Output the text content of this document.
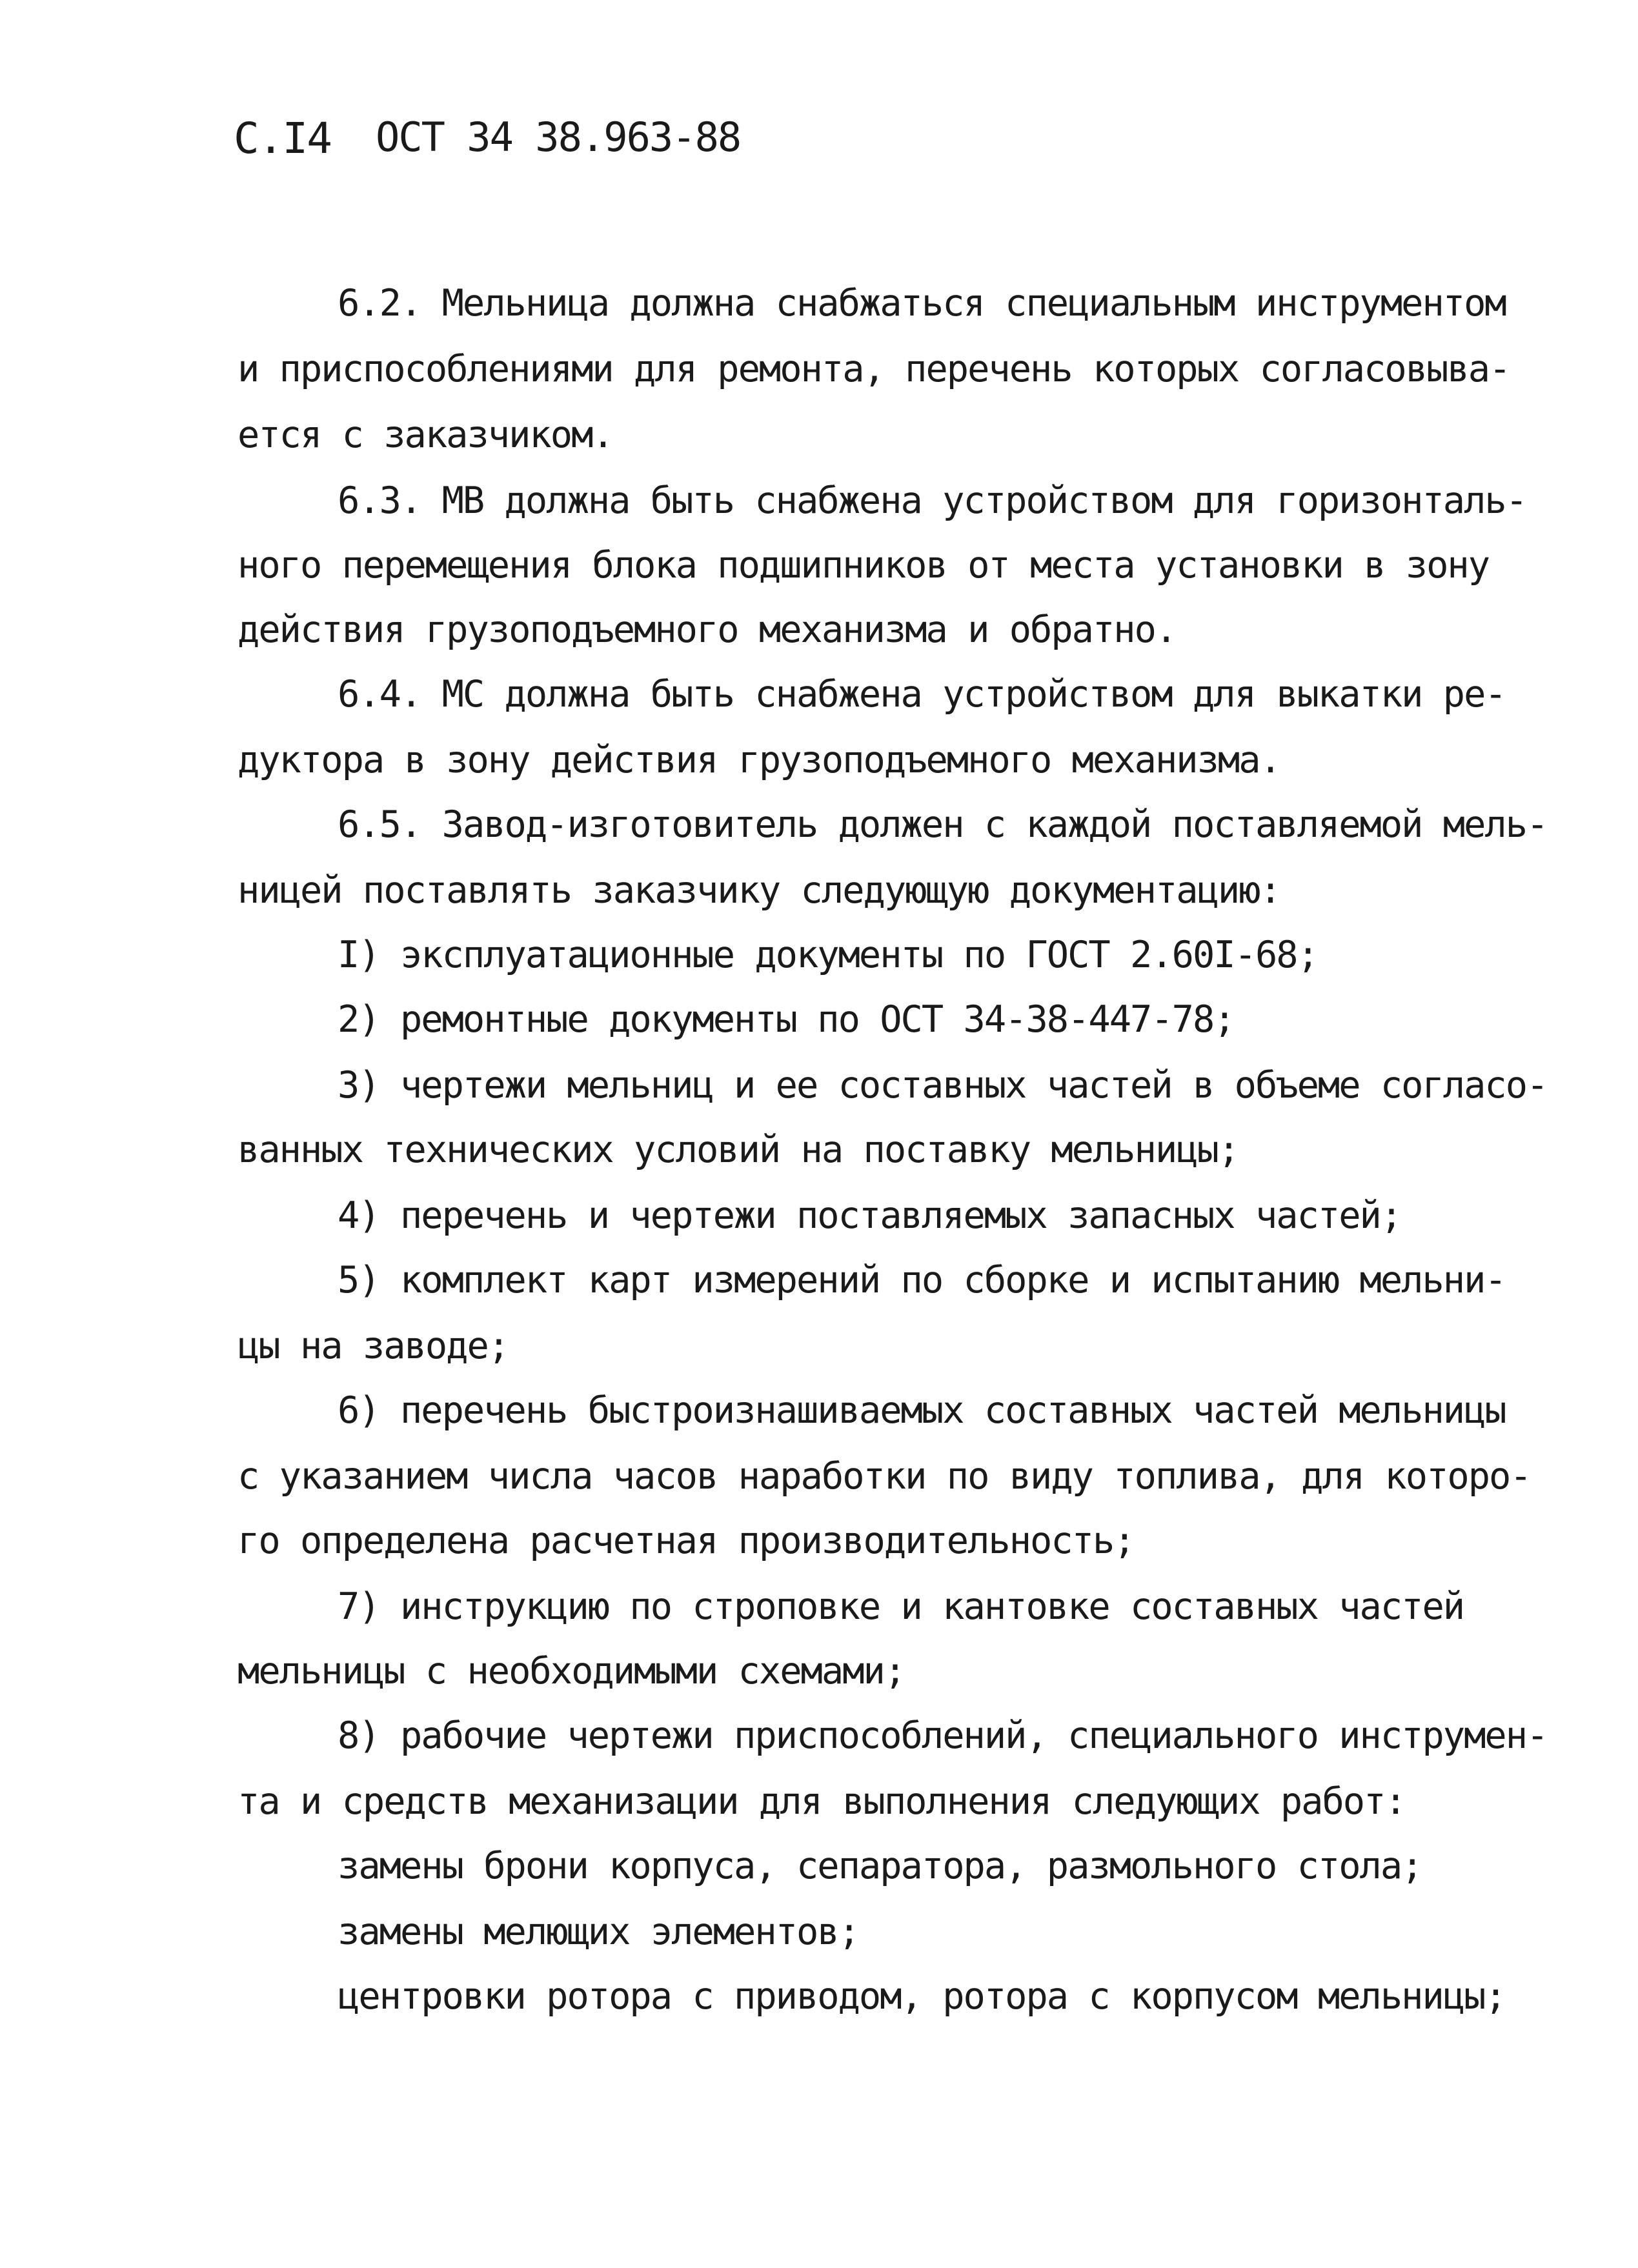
С.I4 ОСТ 34 38.963-88
6.2. Мельница должна снабжаться специальным инструментом
и приспособлениями для ремонта, перечень которых согласовыва-
ется с заказчиком.
6.3. МВ должна быть снабжена устройством для горизонталь-
ного перемещения блока подшипников от места установки в зону
действия грузоподъемного механизма и обратно.
6.4. МС должна быть снабжена устройством для выкатки ре-
дуктора в зону действия грузоподъемного механизма.
6.5. Завод-изготовитель должен с каждой поставляемой мель-
ницей поставлять заказчику следующую документацию:
I) эксплуатационные документы по ГОСТ 2.60I-68;
2) ремонтные документы по ОСТ 34-38-447-78;
3) чертежи мельниц и ее составных частей в объеме согласо-
ванных технических условий на поставку мельницы;
4) перечень и чертежи поставляемых запасных частей;
5) комплект карт измерений по сборке и испытанию мельни-
цы на заводе;
6) перечень быстроизнашиваемых составных частей мельницы
с указанием числа часов наработки по виду топлива, для которо-
го определена расчетная производительность;
7) инструкцию по строповке и кантовке составных частей
мельницы с необходимыми схемами;
8) рабочие чертежи приспособлений, специального инструмен-
та и средств механизации для выполнения следующих работ:
замены брони корпуса, сепаратора, размольного стола;
замены мелющих элементов;
центровки ротора с приводом, ротора с корпусом мельницы;
